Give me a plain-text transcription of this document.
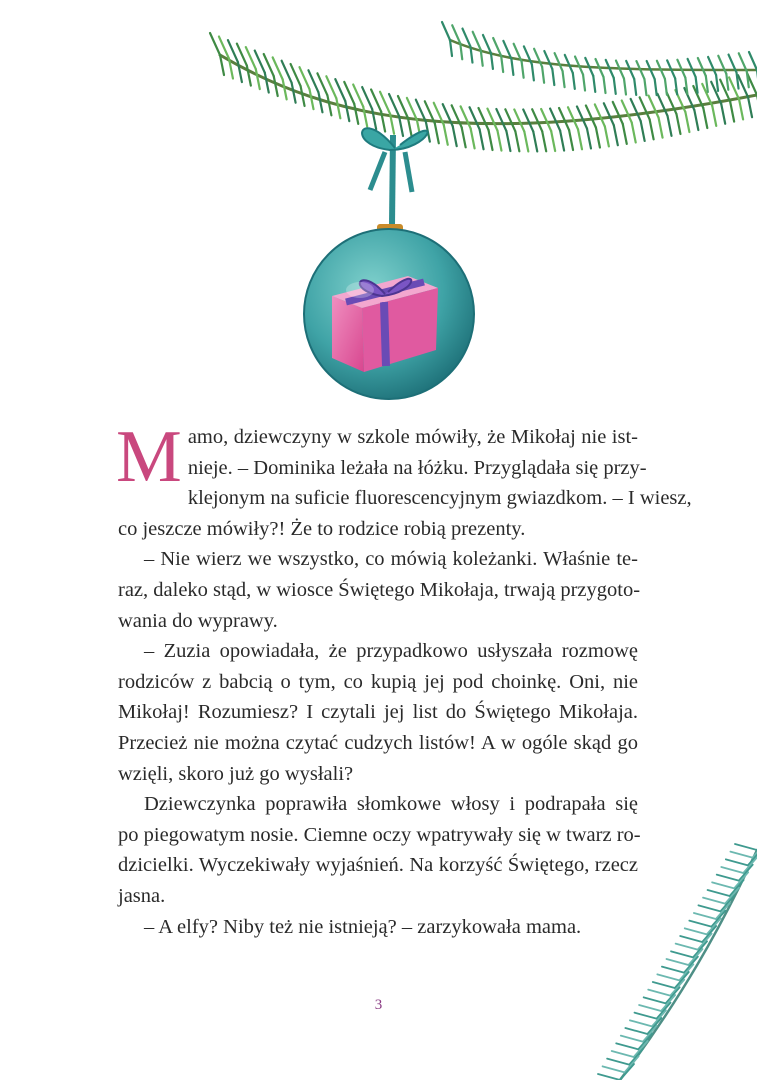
M amo, dziewczyny w szkole mówiły, że Mikołaj nie ist-
nieje. – Dominika leżała na łóżku. Przyglądała się przy-
klejonym na suficie fluorescencyjnym gwiazdkom. – I wiesz,
co jeszcze mówiły?! Że to rodzice robią prezenty.
– Nie wierz we wszystko, co mówią koleżanki. Właśnie te-
raz, daleko stąd, w wiosce Świętego Mikołaja, trwają przygoto-
wania do wyprawy.
– Zuzia opowiadała, że przypadkowo usłyszała rozmowę
rodziców z babcią o tym, co kupią jej pod choinkę. Oni, nie
Mikołaj! Rozumiesz? I czytali jej list do Świętego Mikołaja.
Przecież nie można czytać cudzych listów! A w ogóle skąd go
wzięli, skoro już go wysłali?
Dziewczynka poprawiła słomkowe włosy i podrapała się
po piegowatym nosie. Ciemne oczy wpatrywały się w twarz ro-
dzicielki. Wyczekiwały wyjaśnień. Na korzyść Świętego, rzecz
jasna.
– A elfy? Niby też nie istnieją? – zarzykowała mama.
3
